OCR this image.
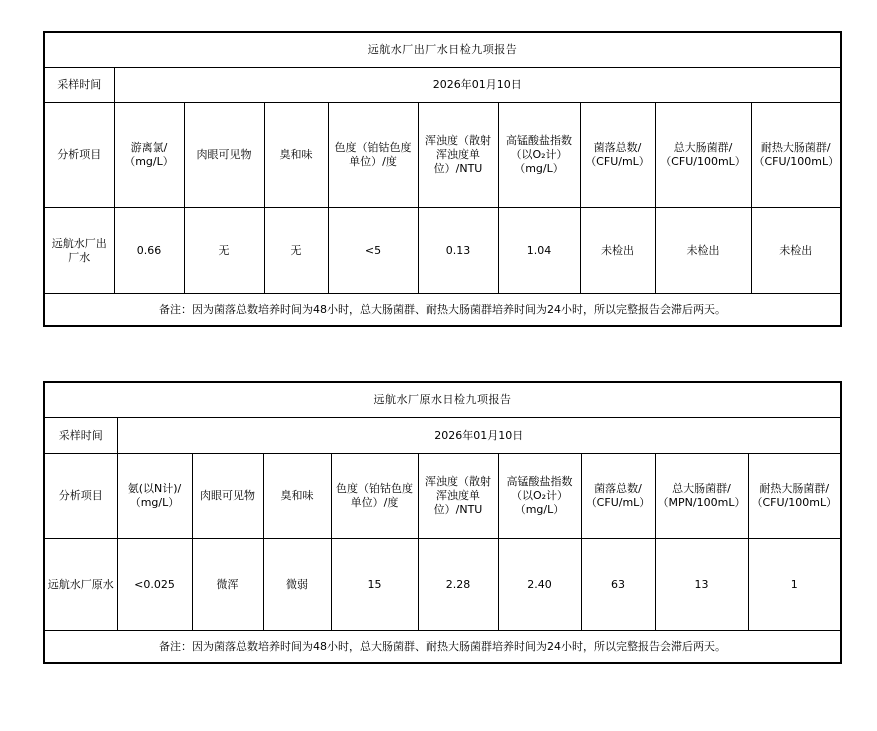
远航水厂出厂水日检九项报告									
采样时间	2026年01月10日								
分析项目	游离氯/（mg/L）	肉眼可见物	臭和味	色度（铂钴色度单位）/度	浑浊度（散射浑浊度单位）/NTU	高锰酸盐指数（以O₂计）（mg/L）	菌落总数/（CFU/mL）	总大肠菌群/（CFU/100mL）	耐热大肠菌群/（CFU/100mL）
远航水厂出厂水	0.66	无	无	<5	0.13	1.04	未检出	未检出	未检出
备注：因为菌落总数培养时间为48小时，总大肠菌群、耐热大肠菌群培养时间为24小时，所以完整报告会滞后两天。									
远航水厂原水日检九项报告									
采样时间	2026年01月10日								
分析项目	氨(以N计)/（mg/L）	肉眼可见物	臭和味	色度（铂钴色度单位）/度	浑浊度（散射浑浊度单位）/NTU	高锰酸盐指数（以O₂计）（mg/L）	菌落总数/（CFU/mL）	总大肠菌群/（MPN/100mL）	耐热大肠菌群/（CFU/100mL）
远航水厂原水	<0.025	微浑	微弱	15	2.28	2.40	63	13	1
备注：因为菌落总数培养时间为48小时，总大肠菌群、耐热大肠菌群培养时间为24小时，所以完整报告会滞后两天。									
